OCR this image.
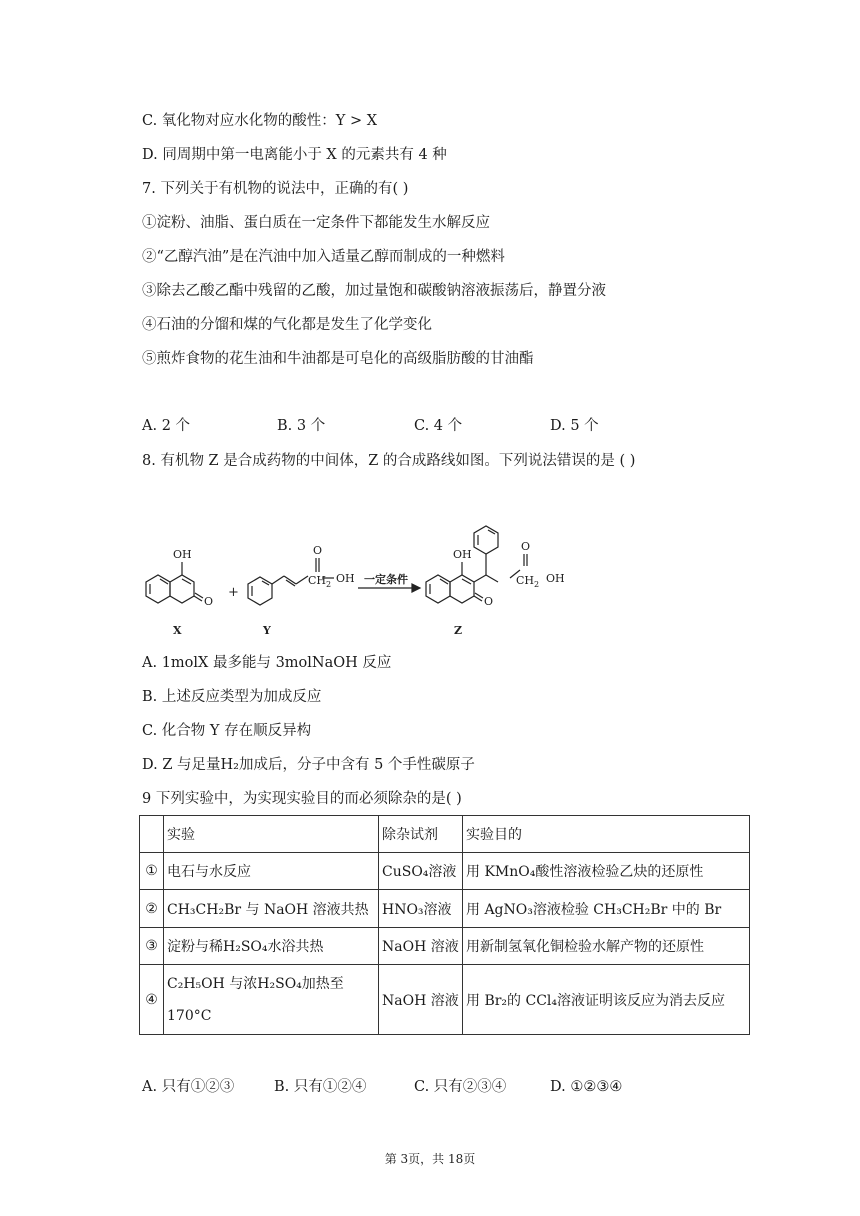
C. 氧化物对应水化物的酸性：Y > X
D. 同周期中第一电离能小于 X 的元素共有 4 种
7. 下列关于有机物的说法中，正确的有( )
①淀粉、油脂、蛋白质在一定条件下都能发生水解反应
②“乙醇汽油”是在汽油中加入适量乙醇而制成的一种燃料
③除去乙酸乙酯中残留的乙酸，加过量饱和碳酸钠溶液振荡后，静置分液
④石油的分馏和煤的气化都是发生了化学变化
⑤煎炸食物的花生油和牛油都是可皂化的高级脂肪酸的甘油酯
A. 2 个	B. 3 个	C. 4 个	D. 5 个
8. 有机物 Z 是合成药物的中间体，Z 的合成路线如图。下列说法错误的是 ( )
OH
O
X
+
O
$CH_2$ OH
Y
一定条件
OH
O
O
$CH_2$ OH
Z
A. 1molX 最多能与 3molNaOH 反应
B. 上述反应类型为加成反应
C. 化合物 Y 存在顺反异构
D. Z 与足量H₂加成后，分子中含有 5 个手性碳原子
9 下列实验中，为实现实验目的而必须除杂的是( )
	实验	除杂试剂	实验目的
①	电石与水反应	CuSO₄溶液	用 KMnO₄酸性溶液检验乙炔的还原性
②	CH₃CH₂Br 与 NaOH 溶液共热	HNO₃溶液	用 AgNO₃溶液检验 CH₃CH₂Br 中的 Br
③	淀粉与稀H₂SO₄水浴共热	NaOH 溶液	用新制氢氧化铜检验水解产物的还原性
④	C₂H₅OH 与浓H₂SO₄加热至
170°C	NaOH 溶液	用 Br₂的 CCl₄溶液证明该反应为消去反应
A. 只有①②③	B. 只有①②④	C. 只有②③④	D. ①②③④
第 3页，共 18页
